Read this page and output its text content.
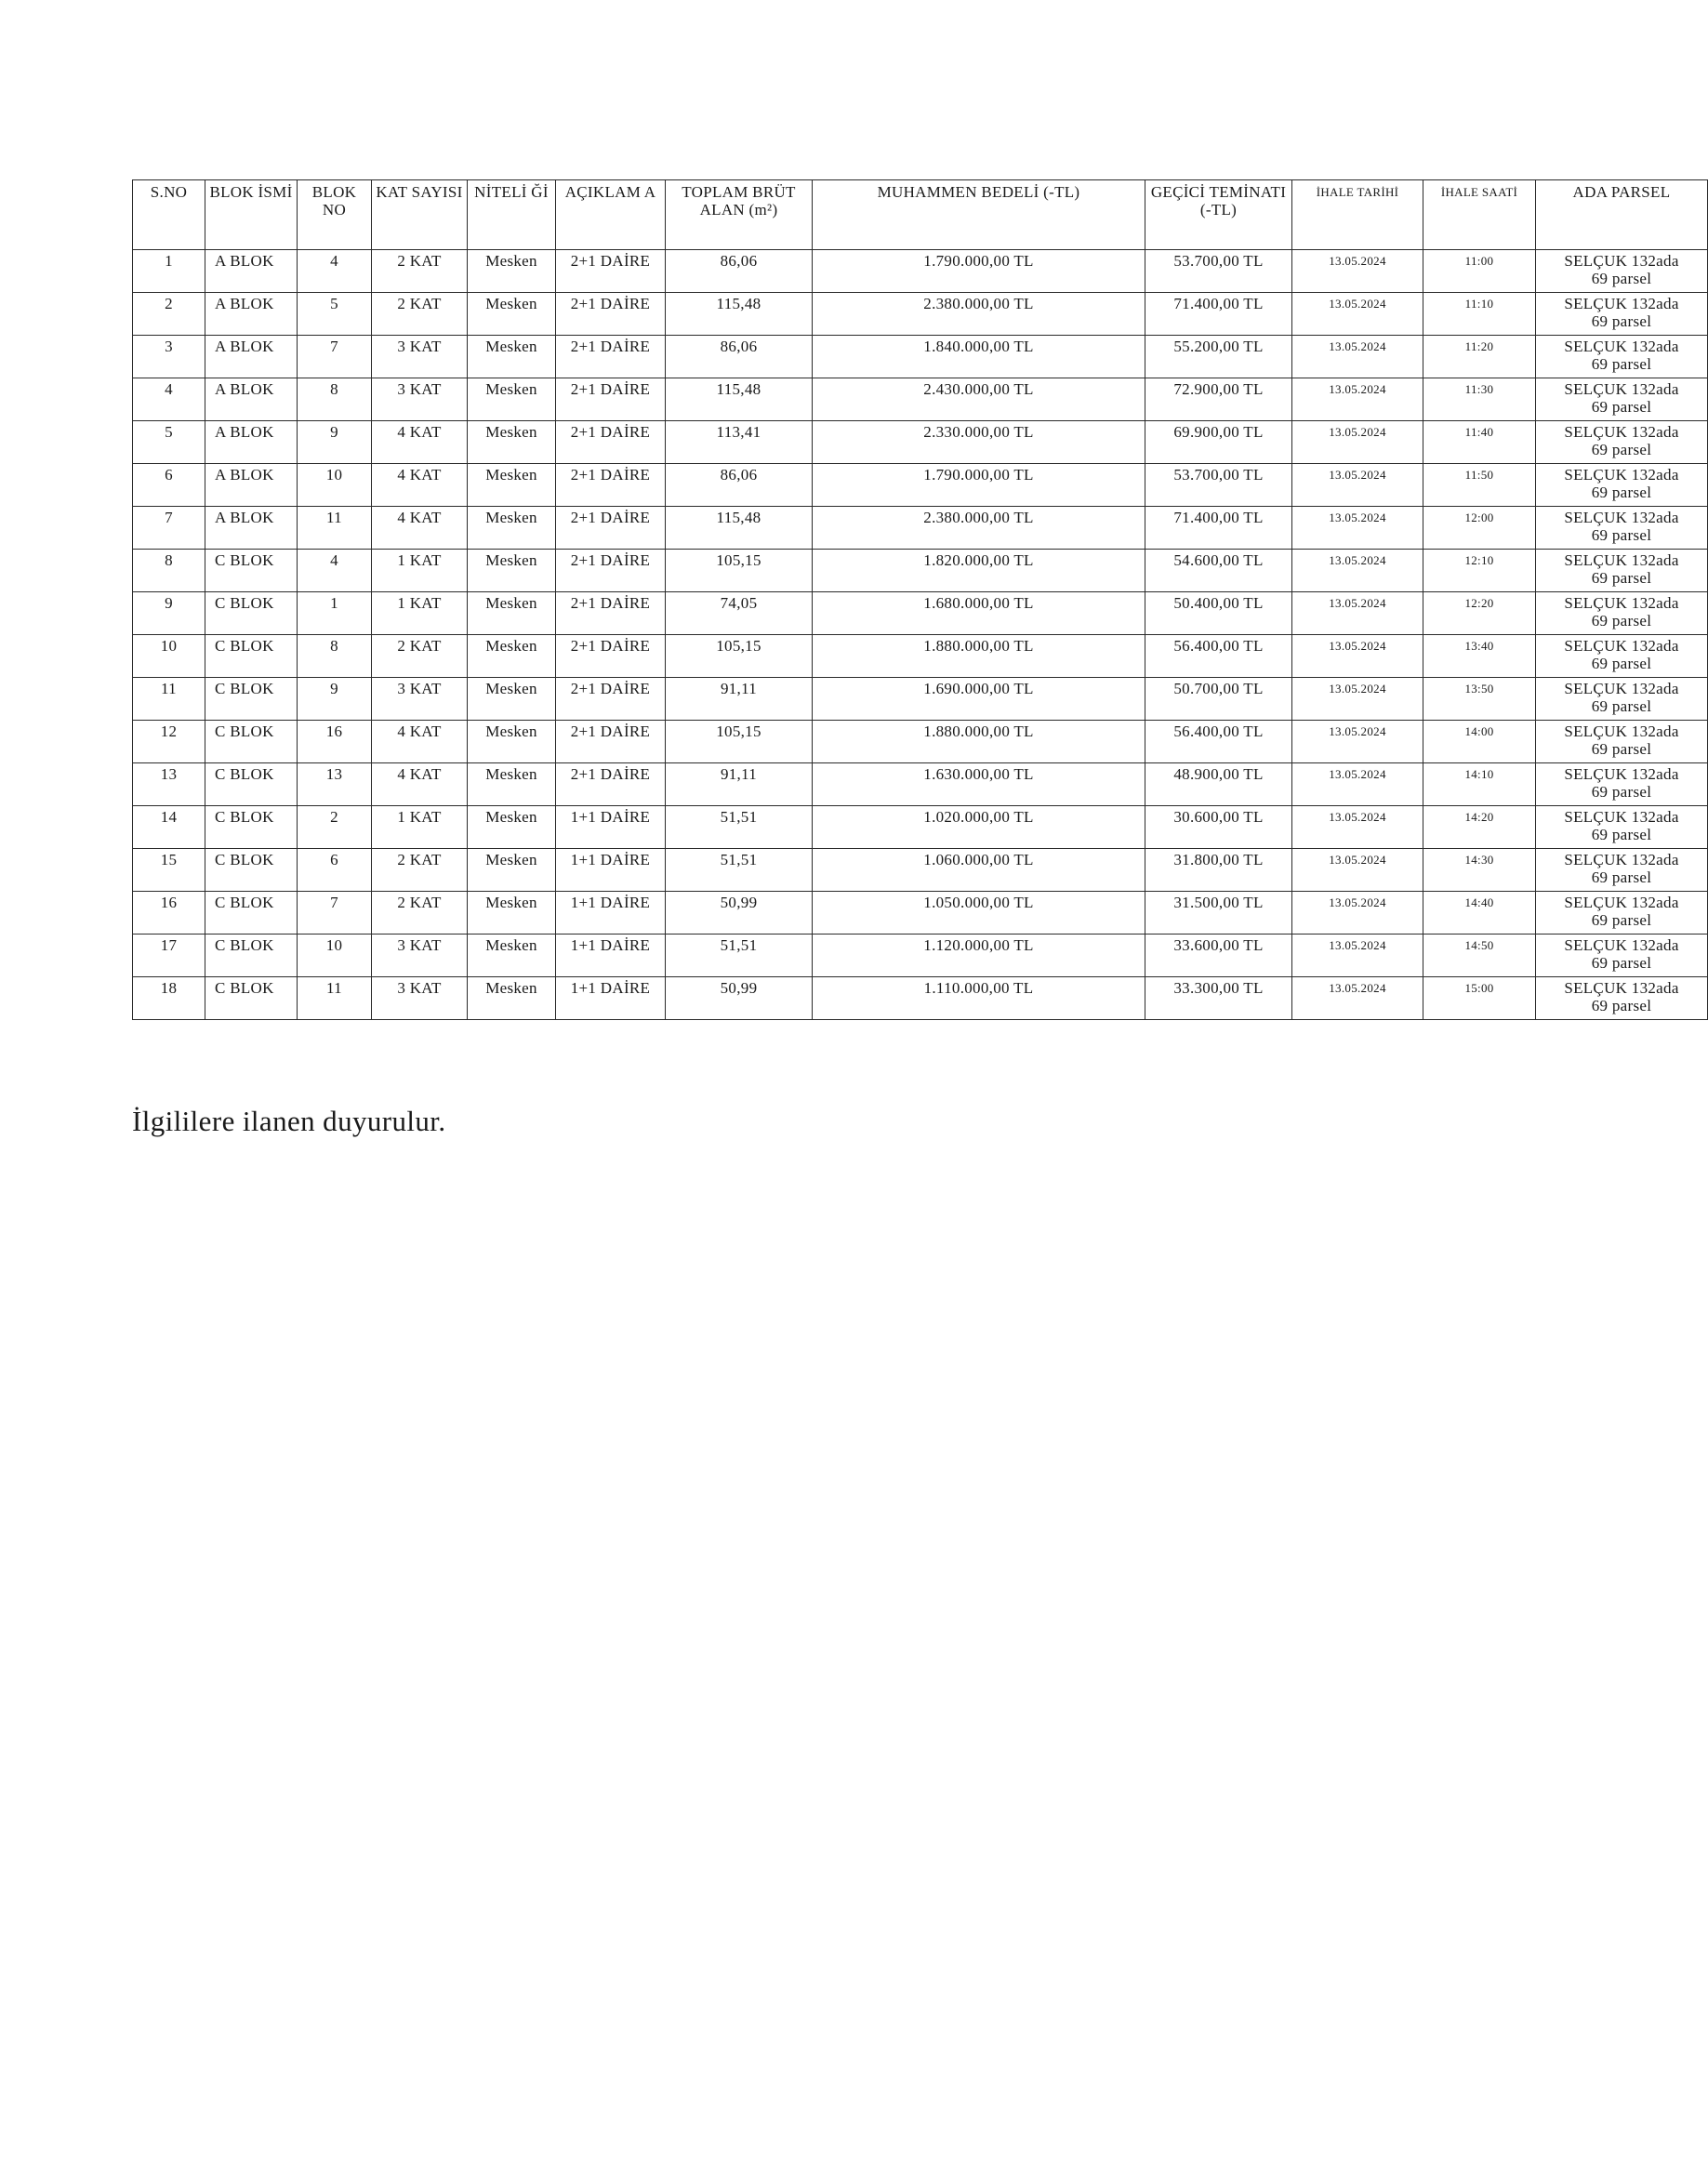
S.NO	BLOK İSMİ	BLOK NO	KAT SAYISI	NİTELİ Ğİ	AÇIKLAM A	TOPLAM BRÜT ALAN (m²)	MUHAMMEN BEDELİ (-TL)	GEÇİCİ TEMİNATI (-TL)	İHALE TARİHİ	İHALE SAATİ	ADA PARSEL
1	A BLOK	4	2 KAT	Mesken	2+1 DAİRE	86,06	1.790.000,00 TL	53.700,00 TL	13.05.2024	11:00	SELÇUK 132ada
69 parsel

2	A BLOK	5	2 KAT	Mesken	2+1 DAİRE	115,48	2.380.000,00 TL	71.400,00 TL	13.05.2024	11:10	SELÇUK 132ada
69 parsel

3	A BLOK	7	3 KAT	Mesken	2+1 DAİRE	86,06	1.840.000,00 TL	55.200,00 TL	13.05.2024	11:20	SELÇUK 132ada
69 parsel

4	A BLOK	8	3 KAT	Mesken	2+1 DAİRE	115,48	2.430.000,00 TL	72.900,00 TL	13.05.2024	11:30	SELÇUK 132ada
69 parsel

5	A BLOK	9	4 KAT	Mesken	2+1 DAİRE	113,41	2.330.000,00 TL	69.900,00 TL	13.05.2024	11:40	SELÇUK 132ada
69 parsel

6	A BLOK	10	4 KAT	Mesken	2+1 DAİRE	86,06	1.790.000,00 TL	53.700,00 TL	13.05.2024	11:50	SELÇUK 132ada
69 parsel

7	A BLOK	11	4 KAT	Mesken	2+1 DAİRE	115,48	2.380.000,00 TL	71.400,00 TL	13.05.2024	12:00	SELÇUK 132ada
69 parsel

8	C BLOK	4	1 KAT	Mesken	2+1 DAİRE	105,15	1.820.000,00 TL	54.600,00 TL	13.05.2024	12:10	SELÇUK 132ada
69 parsel

9	C BLOK	1	1 KAT	Mesken	2+1 DAİRE	74,05	1.680.000,00 TL	50.400,00 TL	13.05.2024	12:20	SELÇUK 132ada
69 parsel

10	C BLOK	8	2 KAT	Mesken	2+1 DAİRE	105,15	1.880.000,00 TL	56.400,00 TL	13.05.2024	13:40	SELÇUK 132ada
69 parsel

11	C BLOK	9	3 KAT	Mesken	2+1 DAİRE	91,11	1.690.000,00 TL	50.700,00 TL	13.05.2024	13:50	SELÇUK 132ada
69 parsel

12	C BLOK	16	4 KAT	Mesken	2+1 DAİRE	105,15	1.880.000,00 TL	56.400,00 TL	13.05.2024	14:00	SELÇUK 132ada
69 parsel

13	C BLOK	13	4 KAT	Mesken	2+1 DAİRE	91,11	1.630.000,00 TL	48.900,00 TL	13.05.2024	14:10	SELÇUK 132ada
69 parsel

14	C BLOK	2	1 KAT	Mesken	1+1 DAİRE	51,51	1.020.000,00 TL	30.600,00 TL	13.05.2024	14:20	SELÇUK 132ada
69 parsel

15	C BLOK	6	2 KAT	Mesken	1+1 DAİRE	51,51	1.060.000,00 TL	31.800,00 TL	13.05.2024	14:30	SELÇUK 132ada
69 parsel

16	C BLOK	7	2 KAT	Mesken	1+1 DAİRE	50,99	1.050.000,00 TL	31.500,00 TL	13.05.2024	14:40	SELÇUK 132ada
69 parsel

17	C BLOK	10	3 KAT	Mesken	1+1 DAİRE	51,51	1.120.000,00 TL	33.600,00 TL	13.05.2024	14:50	SELÇUK 132ada
69 parsel

18	C BLOK	11	3 KAT	Mesken	1+1 DAİRE	50,99	1.110.000,00 TL	33.300,00 TL	13.05.2024	15:00	SELÇUK 132ada
69 parsel
İlgililere ilanen duyurulur.
